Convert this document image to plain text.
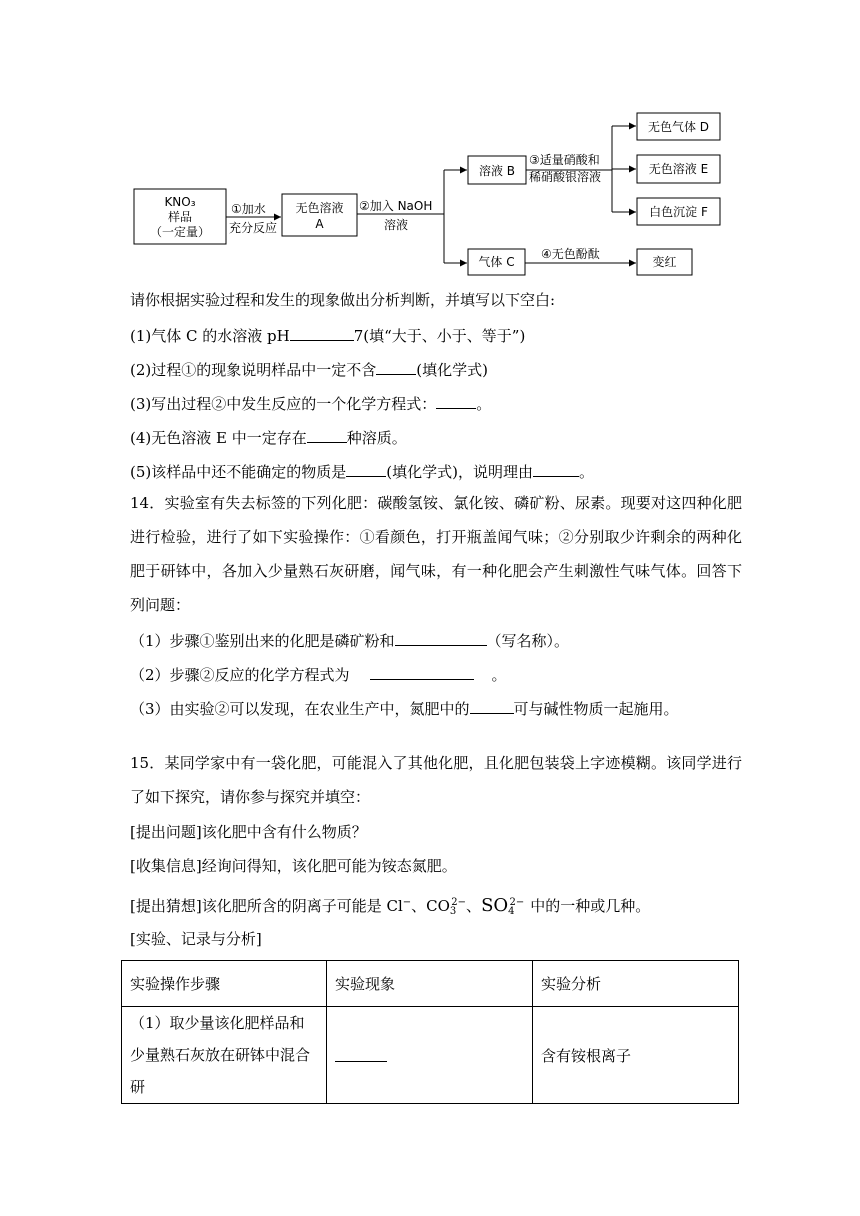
KNO₃
样品
（一定量）
①加水
充分反应
无色溶液
A
②加入 NaOH
溶液
溶液 B
③适量硝酸和
稀硝酸银溶液
无色气体 D
无色溶液 E
白色沉淀 F
气体 C
④无色酚酞
变红
请你根据实验过程和发生的现象做出分析判断，并填写以下空白:
(1)气体 C 的水溶液 pH	7(填“大于、小于、等于”)
(2)过程①的现象说明样品中一定不含	(填化学式)
(3)写出过程②中发生反应的一个化学方程式：	。
(4)无色溶液 E 中一定存在	种溶质。
(5)该样品中还不能确定的物质是	(填化学式)，说明理由	。
14．实验室有失去标签的下列化肥：碳酸氢铵、氯化铵、磷矿粉、尿素。现要对这四种化肥进行检验，进行了如下实验操作：①看颜色，打开瓶盖闻气味；②分别取少许剩余的两种化肥于研钵中，各加入少量熟石灰研磨，闻气味，有一种化肥会产生刺激性气味气体。回答下列问题：
（1）步骤①鉴别出来的化肥是磷矿粉和	（写名称）。
（2）步骤②反应的化学方程式为	。
（3）由实验②可以发现，在农业生产中，氮肥中的	可与碱性物质一起施用。
15．某同学家中有一袋化肥，可能混入了其他化肥，且化肥包装袋上字迹模糊。该同学进行了如下探究，请你参与探究并填空：
[提出问题]该化肥中含有什么物质？
[收集信息]经询问得知，该化肥可能为铵态氮肥。
[提出猜想]该化肥所含的阴离子可能是 Cl−、$CO_3^{2-}$、$SO_4^{2-}$ 中的一种或几种。
[实验、记录与分析]
实验操作步骤	实验现象	实验分析
（1）取少量该化肥样品和少量熟石灰放在研钵中混合研		含有铵根离子
